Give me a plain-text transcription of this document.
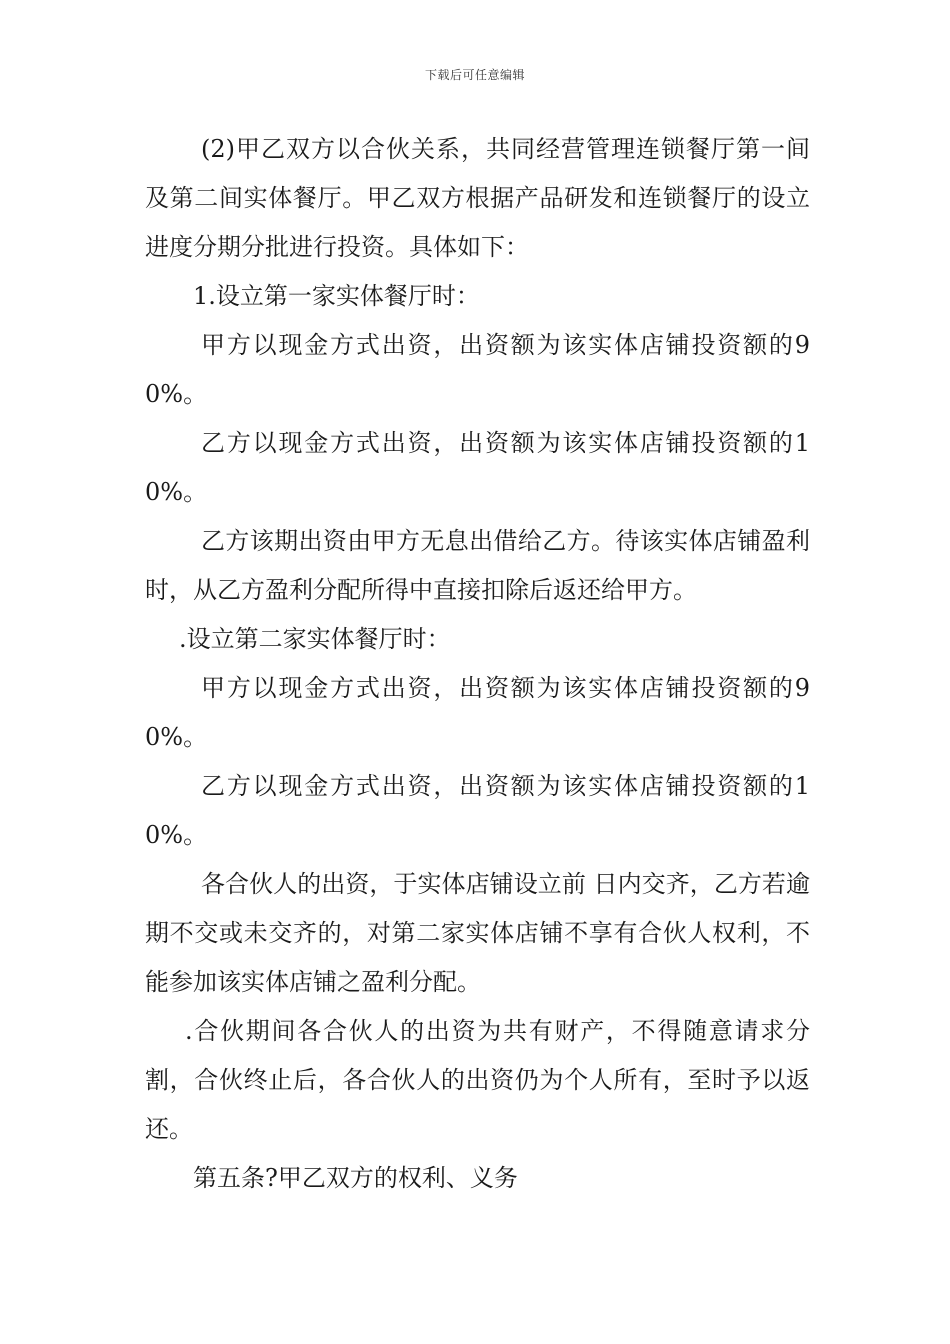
下载后可任意编辑

(2)甲乙双方以合伙关系，共同经营管理连锁餐厅第一间及第二间实体餐厅。甲乙双方根据产品研发和连锁餐厅的设立进度分期分批进行投资。具体如下：

1.设立第一家实体餐厅时：

甲方以现金方式出资，出资额为该实体店铺投资额的90%。

乙方以现金方式出资，出资额为该实体店铺投资额的10%。

乙方该期出资由甲方无息出借给乙方。待该实体店铺盈利时，从乙方盈利分配所得中直接扣除后返还给甲方。

.设立第二家实体餐厅时：

甲方以现金方式出资，出资额为该实体店铺投资额的90%。

乙方以现金方式出资，出资额为该实体店铺投资额的10%。

各合伙人的出资，于实体店铺设立前 日内交齐，乙方若逾期不交或未交齐的，对第二家实体店铺不享有合伙人权利，不能参加该实体店铺之盈利分配。

.合伙期间各合伙人的出资为共有财产，不得随意请求分割，合伙终止后，各合伙人的出资仍为个人所有，至时予以返还。

第五条?甲乙双方的权利、义务
